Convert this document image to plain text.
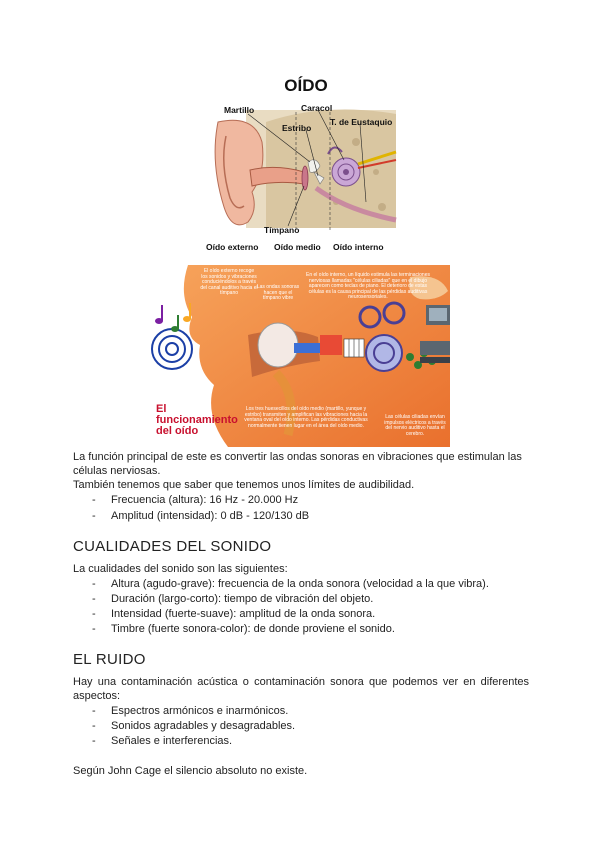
OÍDO
Martillo	Caracol
Estribo
T. de Eustaquio
Tímpano
Oído externo Oído medio Oído interno
El
funcionamiento
del oído
El oído externo recoge los sonidos y vibraciones conduciéndolos a través del canal auditivo hacia el tímpano
Las ondas sonoras hacen que el tímpano vibre
En el oído interno, un líquido estimula las terminaciones nerviosas llamadas "células ciliadas" que en el dibujo aparecen como teclas de piano. El deterioro de estas células es la causa principal de las pérdidas auditivas neurosensoriales.
Los tres huesecillos del oído medio (martillo, yunque y estribo) transmiten y amplifican las vibraciones hacia la ventana oval del oído interno. Las pérdidas conductivas normalmente tienen lugar en el área del oído medio.
Las células ciliadas envían impulsos eléctricos a través del nervio auditivo hasta el cerebro.
La función principal de este es convertir las ondas sonoras en vibraciones que estimulan las células nerviosas.
También tenemos que saber que tenemos unos límites de audibilidad.
- Frecuencia (altura): 16 Hz - 20.000 Hz
- Amplitud (intensidad): 0 dB - 120/130 dB
CUALIDADES DEL SONIDO
La cualidades del sonido son las siguientes:
- Altura (agudo-grave): frecuencia de la onda sonora (velocidad a la que vibra).
- Duración (largo-corto): tiempo de vibración del objeto.
- Intensidad (fuerte-suave): amplitud de la onda sonora.
- Timbre (fuerte sonora-color): de donde proviene el sonido.
EL RUIDO
Hay una contaminación acústica o contaminación sonora que podemos ver en diferentes
aspectos:
- Espectros armónicos e inarmónicos.
- Sonidos agradables y desagradables.
- Señales e interferencias.
Según John Cage el silencio absoluto no existe.
